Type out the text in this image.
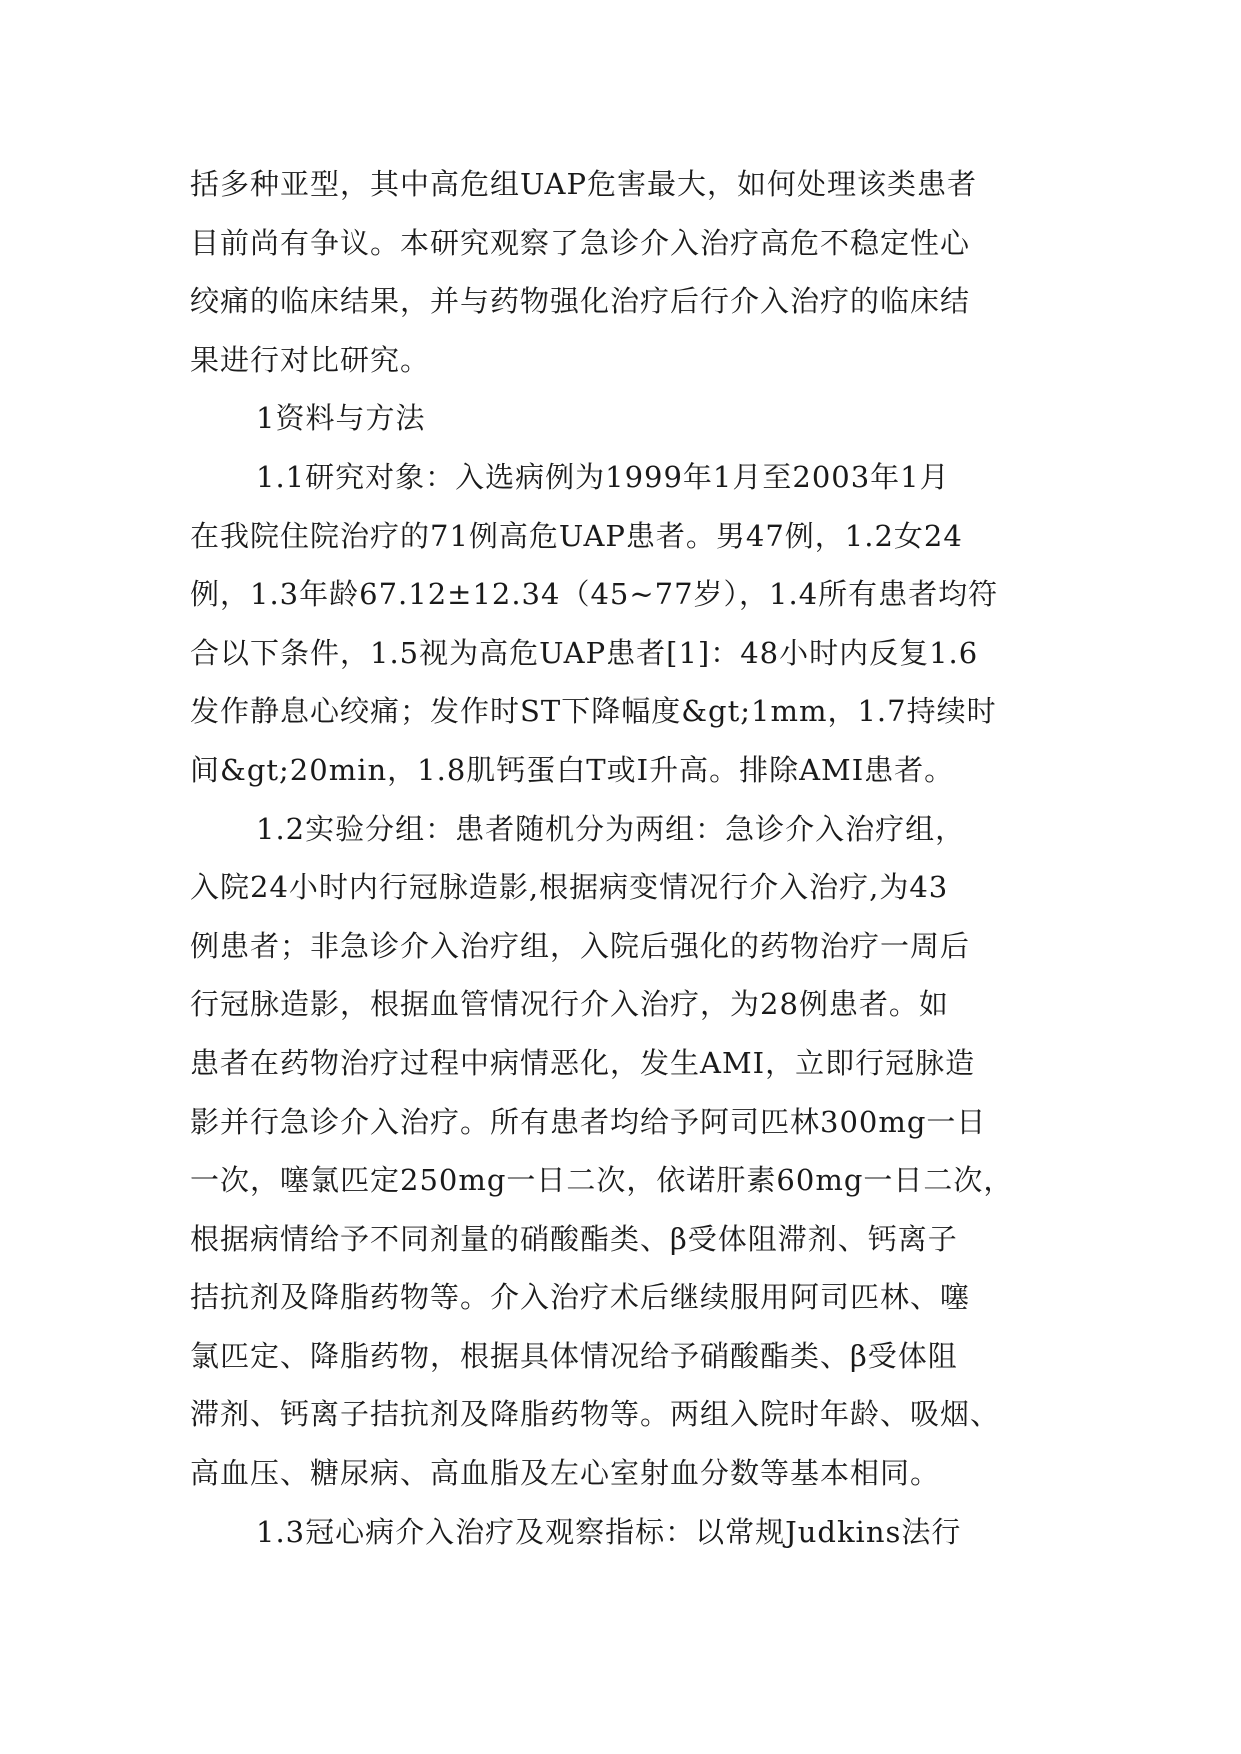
括多种亚型，其中高危组UAP危害最大，如何处理该类患者
目前尚有争议。本研究观察了急诊介入治疗高危不稳定性心
绞痛的临床结果，并与药物强化治疗后行介入治疗的临床结
果进行对比研究。
1资料与方法
1.1研究对象：入选病例为1999年1月至2003年1月
在我院住院治疗的71例高危UAP患者。男47例，1.2女24
例，1.3年龄67.12±12.34（45~77岁），1.4所有患者均符
合以下条件，1.5视为高危UAP患者[1]：48小时内反复1.6
发作静息心绞痛；发作时ST下降幅度&gt;1mm，1.7持续时
间&gt;20min，1.8肌钙蛋白T或I升高。排除AMI患者。
1.2实验分组：患者随机分为两组：急诊介入治疗组，
入院24小时内行冠脉造影,根据病变情况行介入治疗,为43
例患者；非急诊介入治疗组，入院后强化的药物治疗一周后
行冠脉造影，根据血管情况行介入治疗，为28例患者。如
患者在药物治疗过程中病情恶化，发生AMI，立即行冠脉造
影并行急诊介入治疗。所有患者均给予阿司匹林300mg一日
一次，噻氯匹定250mg一日二次，依诺肝素60mg一日二次，
根据病情给予不同剂量的硝酸酯类、β受体阻滞剂、钙离子
拮抗剂及降脂药物等。介入治疗术后继续服用阿司匹林、噻
氯匹定、降脂药物，根据具体情况给予硝酸酯类、β受体阻
滞剂、钙离子拮抗剂及降脂药物等。两组入院时年龄、吸烟、
高血压、糖尿病、高血脂及左心室射血分数等基本相同。
1.3冠心病介入治疗及观察指标：以常规Judkins法行
